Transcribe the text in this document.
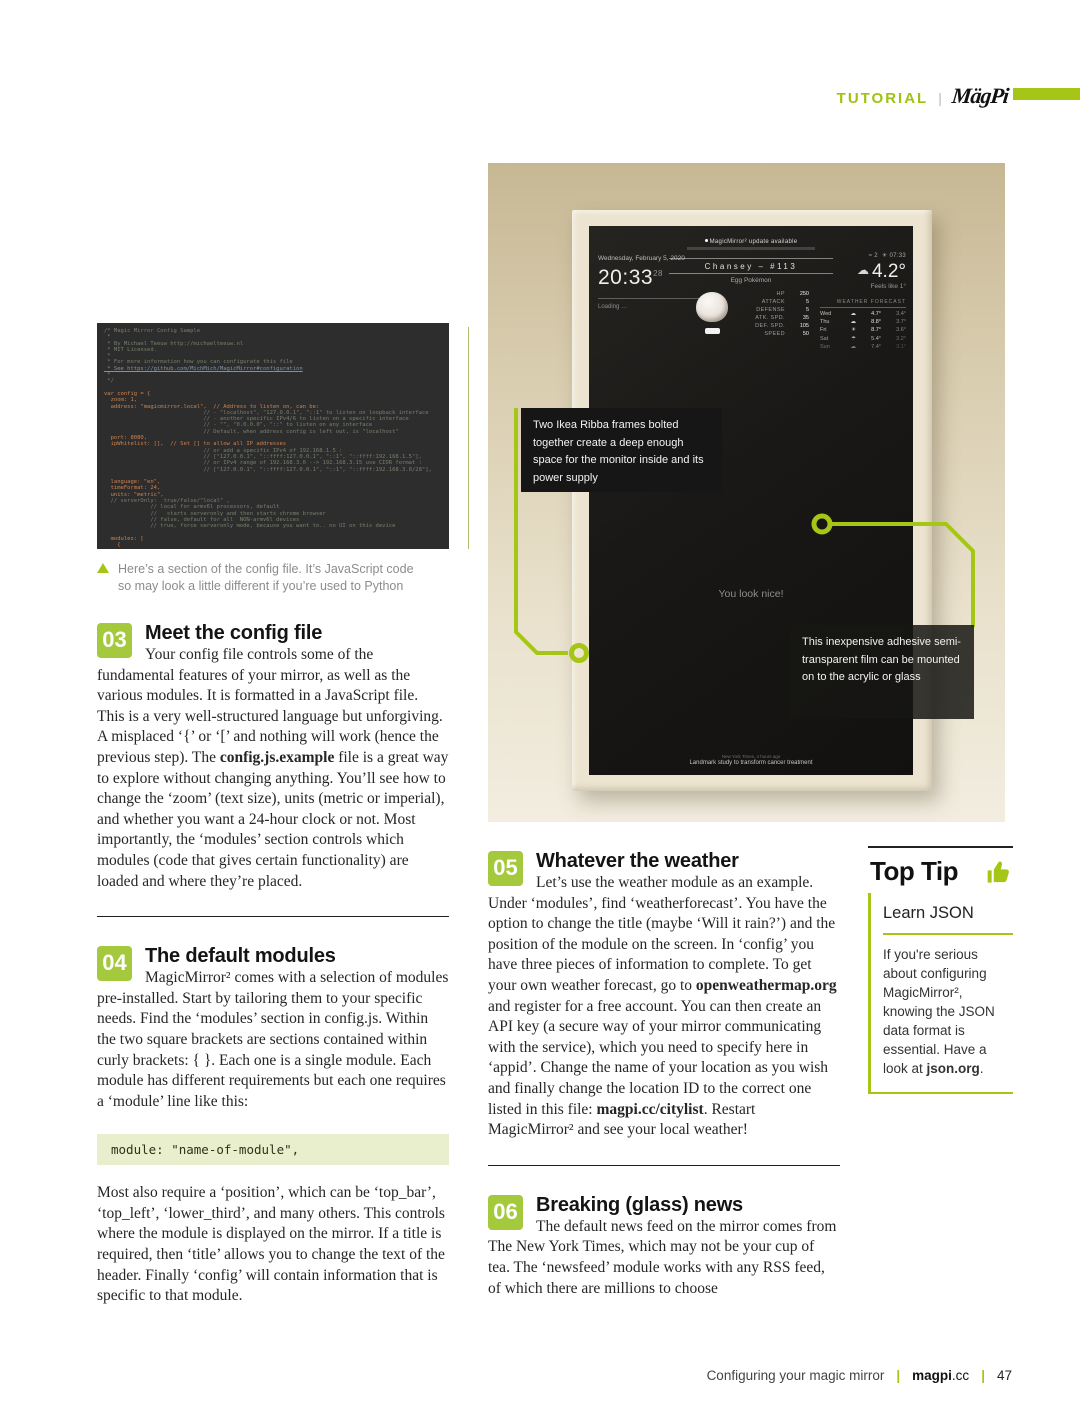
TUTORIAL | MägPi
/* Magic Mirror Config Sample
*
* By Michael Teeuw http://michaelteeuw.nl
* MIT Licensed.
*
* For more information how you can configurate this file
* See https://github.com/MichMich/MagicMirror#configuration
*
*/
var config = {
zoom: 1,
address: "magicmirror.local",  // Address to listen on, can be:
// - "localhost", "127.0.0.1", "::1" to listen on loopback interface
// - another specific IPv4/6 to listen on a specific interface
// - "", "0.0.0.0", "::" to listen on any interface
// Default, when address config is left out, is "localhost"
port: 8080,
ipWhitelist: [],  // Set [] to allow all IP addresses
// or add a specific IPv4 of 192.168.1.5 :
// ["127.0.0.1", "::ffff:127.0.0.1", "::1", "::ffff:192.168.1.5"],
// or IPv4 range of 192.168.3.0 --> 192.168.3.15 use CIDR format :
// ["127.0.0.1", "::ffff:127.0.0.1", "::1", "::ffff:192.168.3.0/28"],
language: "en",
timeFormat: 24,
units: "metric",
// serverOnly:  true/false/"local" ,
// local for armv6l processors, default
//   starts serveronly and then starts chrome browser
// false, default for all  NON-armv6l devices
// true, force serveronly mode, because you want to.. no UI on this device
modules: [
{
Here’s a section of the config file. It’s JavaScript code so may look a little different if you’re used to Python
03 Meet the config file
Your config file controls some of the fundamental features of your mirror, as well as the various modules. It is formatted in a JavaScript file. This is a very well-structured language but unforgiving. A misplaced ‘{’ or ‘[’ and nothing will work (hence the previous step). The config.js.example file is a great way to explore without changing anything. You’ll see how to change the ‘zoom’ (text size), units (metric or imperial), and whether you want a 24-hour clock or not. Most importantly, the ‘modules’ section controls which modules (code that gives certain functionality) are loaded and where they’re placed.
04 The default modules
MagicMirror² comes with a selection of modules pre-installed. Start by tailoring them to your specific needs. Find the ‘modules’ section in config.js. Within the two square brackets are sections contained within curly brackets: { }. Each one is a single module. Each module has different requirements but each one requires a ‘module’ line like this:
module: "name-of-module",
Most also require a ‘position’, which can be ‘top_bar’, ‘top_left’, ‘lower_third’, and many others. This controls where the module is displayed on the mirror. If a title is required, then ‘title’ allows you to change the text of the header. Finally ‘config’ will contain information that is specific to that module.
MagicMirror² update available
Wednesday, February 5, 2020
$20:33^{28}$
Loading …
Chansey – #113
Egg Pokémon
HP	250
ATTACK	5
DEFENSE	5
ATK. SPD.	35
DEF. SPD.	105
SPEED	50
≈ 2 ☀ 07:33
☁ 4.2°
Feels like 1°
WEATHER FORECAST
Wed	☁	4.7°	3.4°
Thu	☁	8.8°	3.7°
Fri	☀	8.7°	3.6°
Sat	☂	5.4°	3.2°
Sun	☁	7.4°	3.1°
You look nice!
New York Times, 4 hours ago
Landmark study to transform cancer treatment
Two Ikea Ribba frames bolted together create a deep enough space for the monitor inside and its power supply
This inexpensive adhesive semi-transparent film can be mounted on to the acrylic or glass
05 Whatever the weather
Let’s use the weather module as an example. Under ‘modules’, find ‘weatherforecast’. You have the option to change the title (maybe ‘Will it rain?’) and the position of the module on the screen. In ‘config’ you have three pieces of information to complete. To get your own weather forecast, go to openweathermap.org and register for a free account. You can then create an API key (a secure way of your mirror communicating with the service), which you need to specify here in ‘appid’. Change the name of your location as you wish and finally change the location ID to the correct one listed in this file: magpi.cc/citylist. Restart MagicMirror² and see your local weather!
06 Breaking (glass) news
The default news feed on the mirror comes from The New York Times, which may not be your cup of tea. The ‘newsfeed’ module works with any RSS feed, of which there are millions to choose
Top Tip
Learn JSON
If you're serious about configuring MagicMirror², knowing the JSON data format is essential. Have a look at json.org.
Configuring your magic mirror | magpi.cc | 47
